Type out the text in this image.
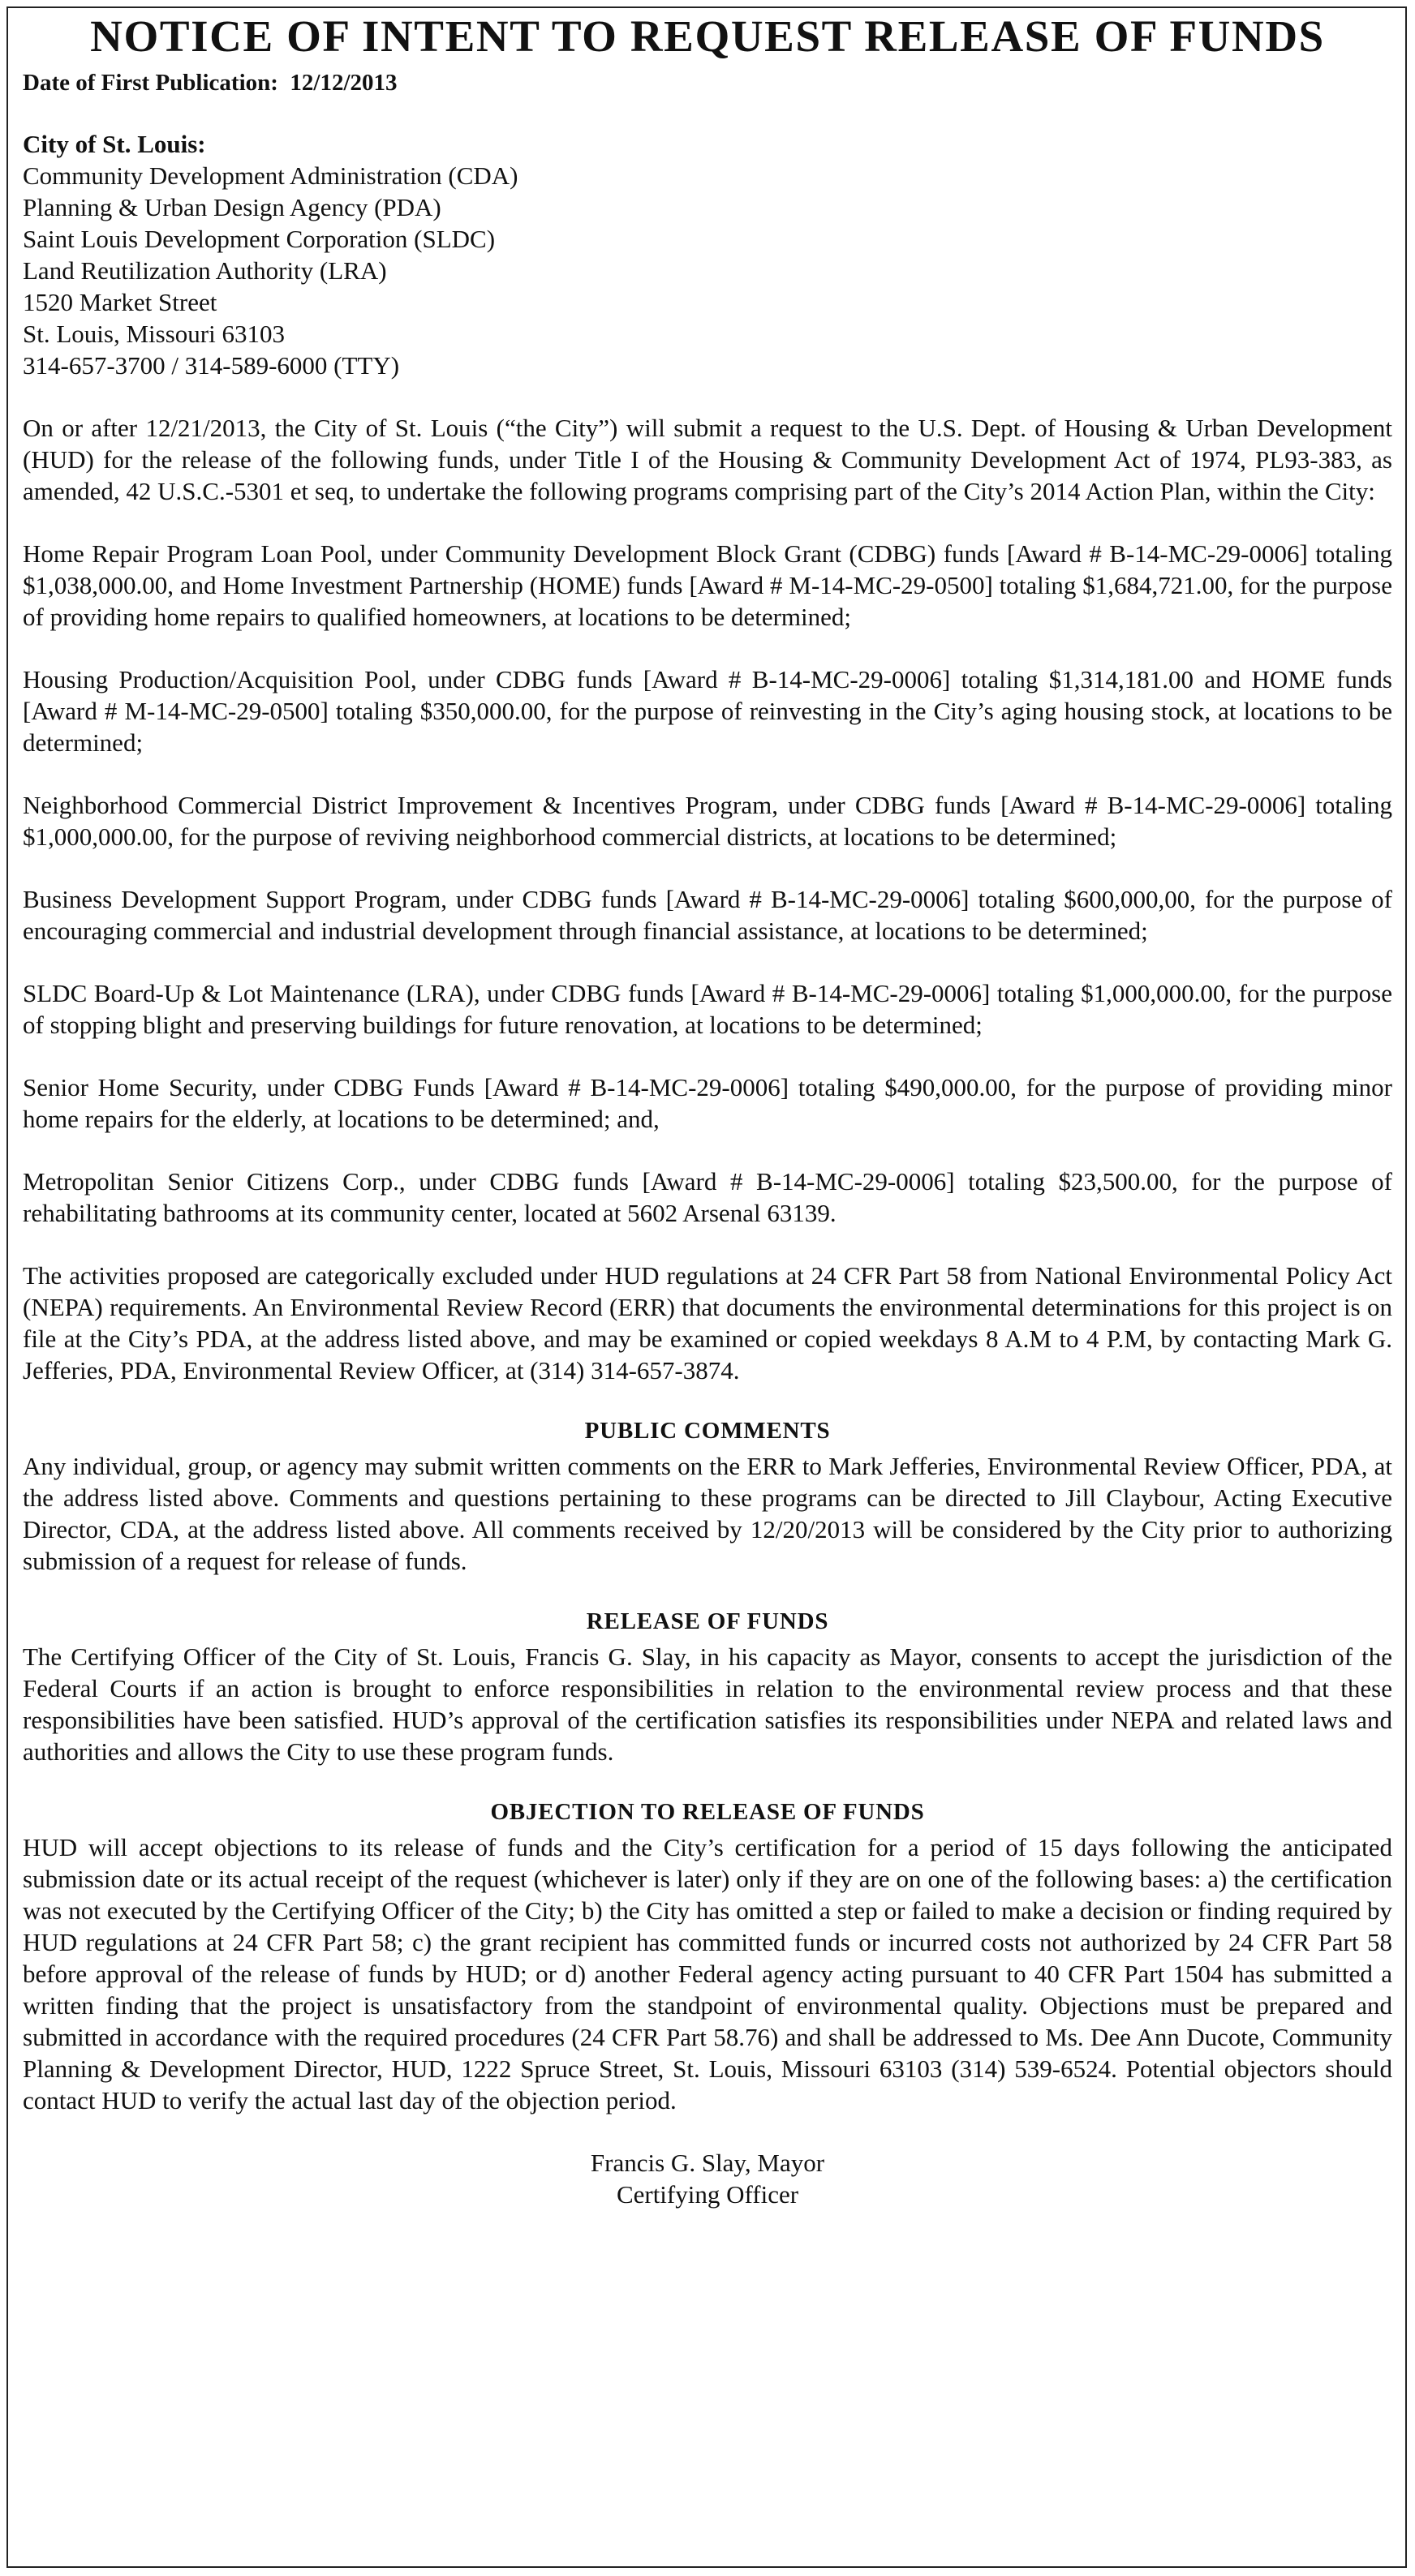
NOTICE OF INTENT TO REQUEST RELEASE OF FUNDS
Date of First Publication: 12/12/2013
City of St. Louis:
Community Development Administration (CDA)
Planning & Urban Design Agency (PDA)
Saint Louis Development Corporation (SLDC)
Land Reutilization Authority (LRA)
1520 Market Street
St. Louis, Missouri 63103
314-657-3700 / 314-589-6000 (TTY)

On or after 12/21/2013, the City of St. Louis (“the City”) will submit a request to the U.S. Dept. of Housing & Urban Development (HUD) for the release of the following funds, under Title I of the Housing & Community Development Act of 1974, PL93-383, as amended, 42 U.S.C.-5301 et seq, to undertake the following programs comprising part of the City’s 2014 Action Plan, within the City:

Home Repair Program Loan Pool, under Community Development Block Grant (CDBG) funds [Award # B-14-MC-29-0006] totaling $1,038,000.00, and Home Investment Partnership (HOME) funds [Award # M-14-MC-29-0500] totaling $1,684,721.00, for the purpose of providing home repairs to qualified homeowners, at locations to be determined;

Housing Production/Acquisition Pool, under CDBG funds [Award # B-14-MC-29-0006] totaling $1,314,181.00 and HOME funds [Award # M-14-MC-29-0500] totaling $350,000.00, for the purpose of reinvesting in the City’s aging housing stock, at locations to be determined;

Neighborhood Commercial District Improvement & Incentives Program, under CDBG funds [Award # B-14-MC-29-0006] totaling $1,000,000.00, for the purpose of reviving neighborhood commercial districts, at locations to be determined;

Business Development Support Program, under CDBG funds [Award # B-14-MC-29-0006] totaling $600,000,00, for the purpose of encouraging commercial and industrial development through financial assistance, at locations to be determined;

SLDC Board-Up & Lot Maintenance (LRA), under CDBG funds [Award # B-14-MC-29-0006] totaling $1,000,000.00, for the purpose of stopping blight and preserving buildings for future renovation, at locations to be determined;

Senior Home Security, under CDBG Funds [Award # B-14-MC-29-0006] totaling $490,000.00, for the purpose of providing minor home repairs for the elderly, at locations to be determined; and,

Metropolitan Senior Citizens Corp., under CDBG funds [Award # B-14-MC-29-0006] totaling $23,500.00, for the purpose of rehabilitating bathrooms at its community center, located at 5602 Arsenal 63139.

The activities proposed are categorically excluded under HUD regulations at 24 CFR Part 58 from National Environmental Policy Act (NEPA) requirements. An Environmental Review Record (ERR) that documents the environmental determinations for this project is on file at the City’s PDA, at the address listed above, and may be examined or copied weekdays 8 A.M to 4 P.M, by contacting Mark G. Jefferies, PDA, Environmental Review Officer, at (314) 314-657-3874.

PUBLIC COMMENTS

Any individual, group, or agency may submit written comments on the ERR to Mark Jefferies, Environmental Review Officer, PDA, at the address listed above. Comments and questions pertaining to these programs can be directed to Jill Claybour, Acting Executive Director, CDA, at the address listed above. All comments received by 12/20/2013 will be considered by the City prior to authorizing submission of a request for release of funds.

RELEASE OF FUNDS

The Certifying Officer of the City of St. Louis, Francis G. Slay, in his capacity as Mayor, consents to accept the jurisdiction of the Federal Courts if an action is brought to enforce responsibilities in relation to the environmental review process and that these responsibilities have been satisfied. HUD’s approval of the certification satisfies its responsibilities under NEPA and related laws and authorities and allows the City to use these program funds.

OBJECTION TO RELEASE OF FUNDS

HUD will accept objections to its release of funds and the City’s certification for a period of 15 days following the anticipated submission date or its actual receipt of the request (whichever is later) only if they are on one of the following bases: a) the certification was not executed by the Certifying Officer of the City; b) the City has omitted a step or failed to make a decision or finding required by HUD regulations at 24 CFR Part 58; c) the grant recipient has committed funds or incurred costs not authorized by 24 CFR Part 58 before approval of the release of funds by HUD; or d) another Federal agency acting pursuant to 40 CFR Part 1504 has submitted a written finding that the project is unsatisfactory from the standpoint of environmental quality. Objections must be prepared and submitted in accordance with the required procedures (24 CFR Part 58.76) and shall be addressed to Ms. Dee Ann Ducote, Community Planning & Development Director, HUD, 1222 Spruce Street, St. Louis, Missouri 63103 (314) 539-6524. Potential objectors should contact HUD to verify the actual last day of the objection period.

Francis G. Slay, Mayor
Certifying Officer
